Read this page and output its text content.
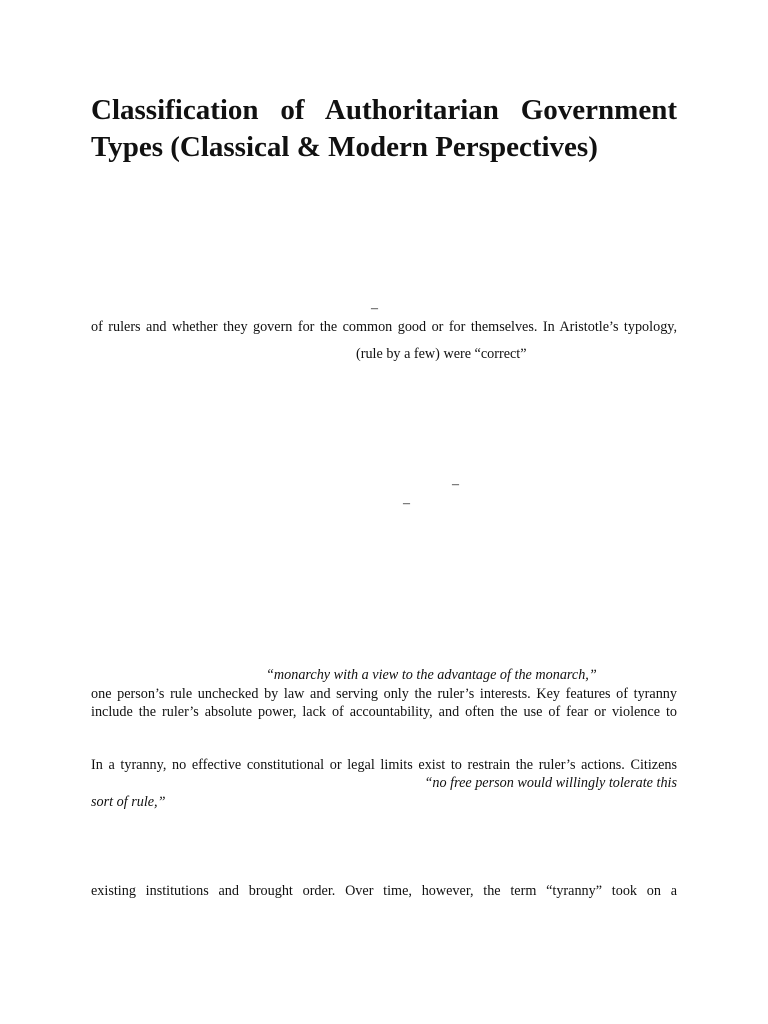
Classification of Authoritarian Government Types (Classical & Modern Perspectives)
–

of rulers and whether they govern for the common good or for themselves. In Aristotle’s typology,

(rule by a few) were “correct”

–
–

“monarchy with a view to the advantage of the monarch,”

one person’s rule unchecked by law and serving only the ruler’s interests. Key features of tyranny

include the ruler’s absolute power, lack of accountability, and often the use of fear or violence to

In a tyranny, no effective constitutional or legal limits exist to restrain the ruler’s actions. Citizens

“no free person would willingly tolerate this

sort of rule,”

existing institutions and brought order. Over time, however, the term “tyranny” took on a
